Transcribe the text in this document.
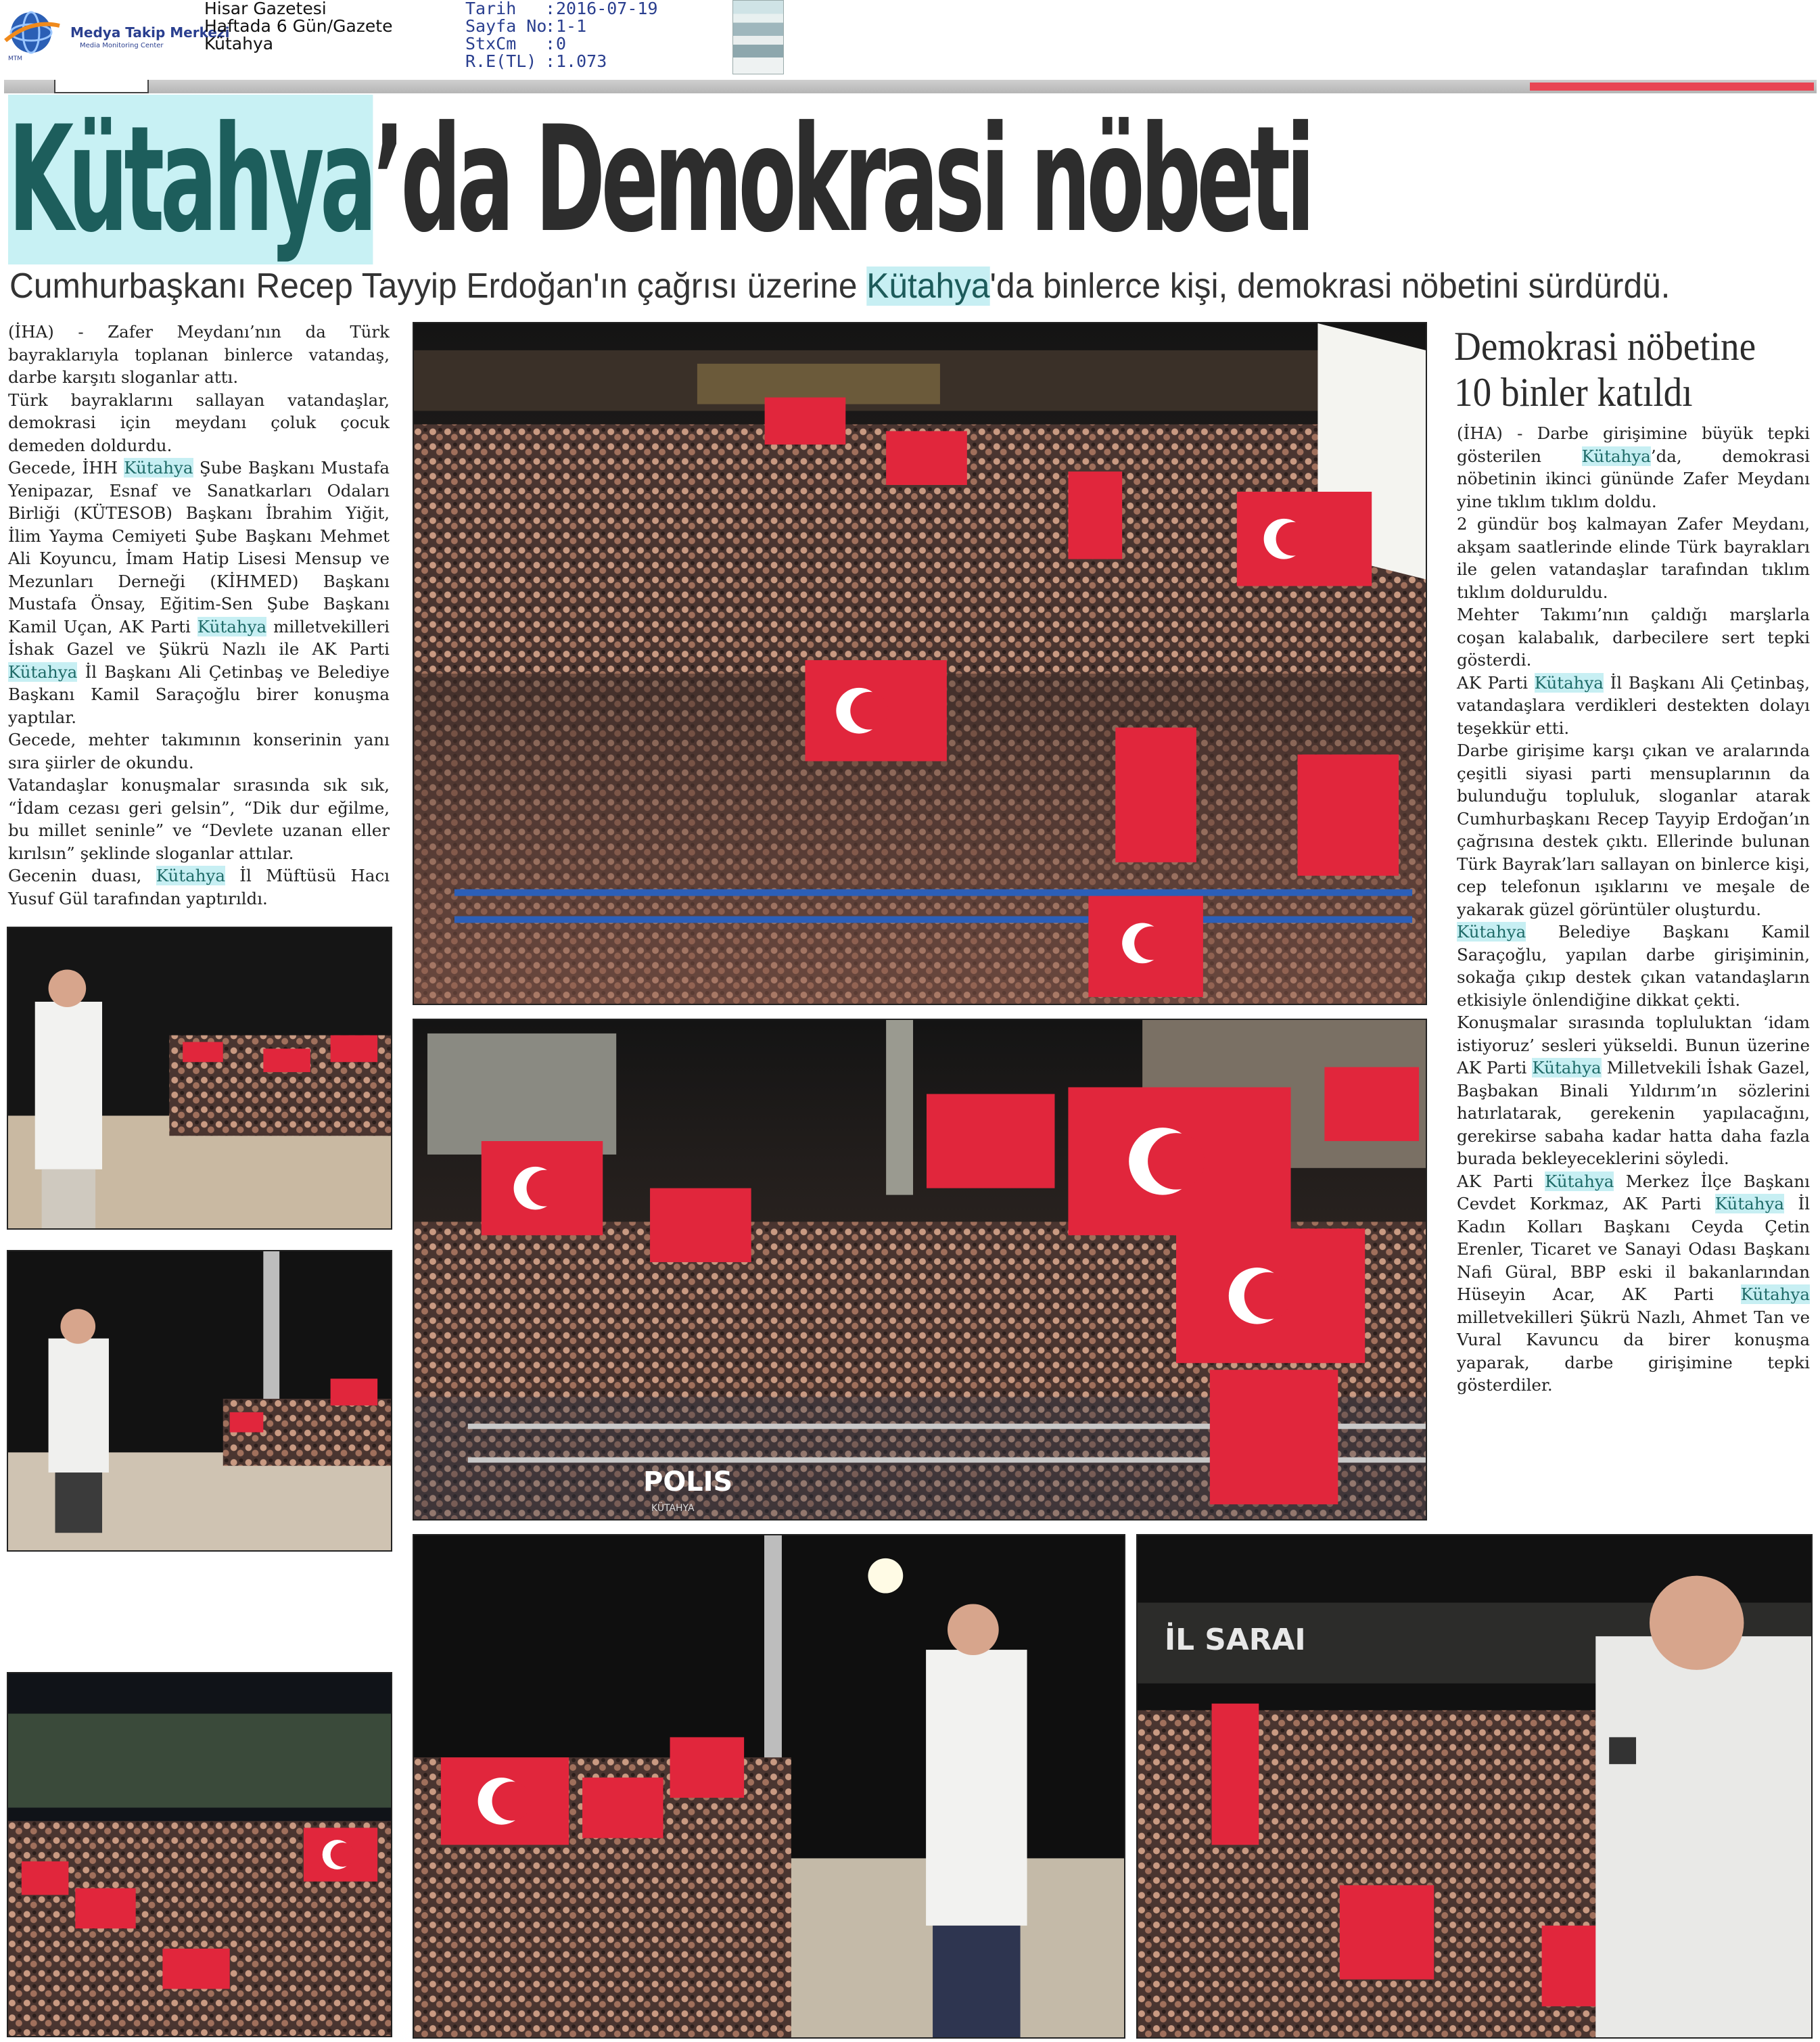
Medya Takip Merkezi
Media Monitoring Center
MTM
Hisar Gazetesi
Haftada 6 Gün/Gazete
Kütahya
Tarih	: 2016-07-19
Sayfa No
: 1-1
StxCm	: 0
R.E(TL) : 1.073
Kütahya’da Demokrasi nöbeti
Cumhurbaşkanı Recep Tayyip Erdoğan'ın çağrısı üzerine Kütahya'da binlerce kişi, demokrasi nöbetini sürdürdü.

(İHA) - Zafer Meydanı’nın da Türk bayraklarıyla toplanan binlerce vatandaş, darbe karşıtı sloganlar attı.

Türk bayraklarını sallayan vatandaşlar, demokrasi için meydanı çoluk çocuk demeden doldurdu.

Gecede, İHH Kütahya Şube Başkanı Mustafa Yenipazar, Esnaf ve Sanatkarları Odaları Birliği (KÜTESOB) Başkanı İbrahim Yiğit, İlim Yayma Cemiyeti Şube Başkanı Mehmet Ali Koyuncu, İmam Hatip Lisesi Mensup ve Mezunları Derneği (KİHMED) Başkanı Mustafa Önsay, Eğitim-Sen Şube Başkanı Kamil Uçan, AK Parti Kütahya milletvekilleri İshak Gazel ve Şükrü Nazlı ile AK Parti Kütahya İl Başkanı Ali Çetinbaş ve Belediye Başkanı Kamil Saraçoğlu birer konuşma yaptılar.

Gecede, mehter takımının konserinin yanı sıra şiirler de okundu.

Vatandaşlar konuşmalar sırasında sık sık, “İdam cezası geri gelsin”, “Dik dur eğilme, bu millet seninle” ve “Devlete uzanan eller kırılsın” şeklinde sloganlar attılar.

Gecenin duası, Kütahya İl Müftüsü Hacı Yusuf Gül tarafından yaptırıldı.

Demokrasi nöbetine 10 binler katıldı

(İHA) - Darbe girişimine büyük tepki gösterilen Kütahya’da, demokrasi nöbetinin ikinci gününde Zafer Meydanı yine tıklım tıklım doldu.

2 gündür boş kalmayan Zafer Meydanı, akşam saatlerinde elinde Türk bayrakları ile gelen vatandaşlar tarafından tıklım tıklım dolduruldu.

Mehter Takımı’nın çaldığı marşlarla coşan kalabalık, darbecilere sert tepki gösterdi.

AK Parti Kütahya İl Başkanı Ali Çetinbaş, vatandaşlara verdikleri destekten dolayı teşekkür etti.

Darbe girişime karşı çıkan ve aralarında çeşitli siyasi parti mensuplarının da bulunduğu topluluk, sloganlar atarak Cumhurbaşkanı Recep Tayyip Erdoğan’ın çağrısına destek çıktı. Ellerinde bulunan Türk Bayrak’ları sallayan on binlerce kişi, cep telefonun ışıklarını ve meşale de yakarak güzel görüntüler oluşturdu.

Kütahya Belediye Başkanı Kamil Saraçoğlu, yapılan darbe girişiminin, sokağa çıkıp destek çıkan vatandaşların etkisiyle önlendiğine dikkat çekti.

Konuşmalar sırasında topluluktan ‘idam istiyoruz’ sesleri yükseldi. Bunun üzerine AK Parti Kütahya Milletvekili İshak Gazel, Başbakan Binali Yıldırım’ın sözlerini hatırlatarak, gerekenin yapılacağını, gerekirse sabaha kadar hatta daha fazla burada bekleyeceklerini söyledi.

AK Parti Kütahya Merkez İlçe Başkanı Cevdet Korkmaz, AK Parti Kütahya İl Kadın Kolları Başkanı Ceyda Çetin Erenler, Ticaret ve Sanayi Odası Başkanı Nafi Güral, BBP eski il bakanlarından Hüseyin Acar, AK Parti Kütahya milletvekilleri Şükrü Nazlı, Ahmet Tan ve Vural Kavuncu da birer konuşma yaparak, darbe girişimine tepki gösterdiler.

POLIS
KÜTAHYA
İL SARAI
